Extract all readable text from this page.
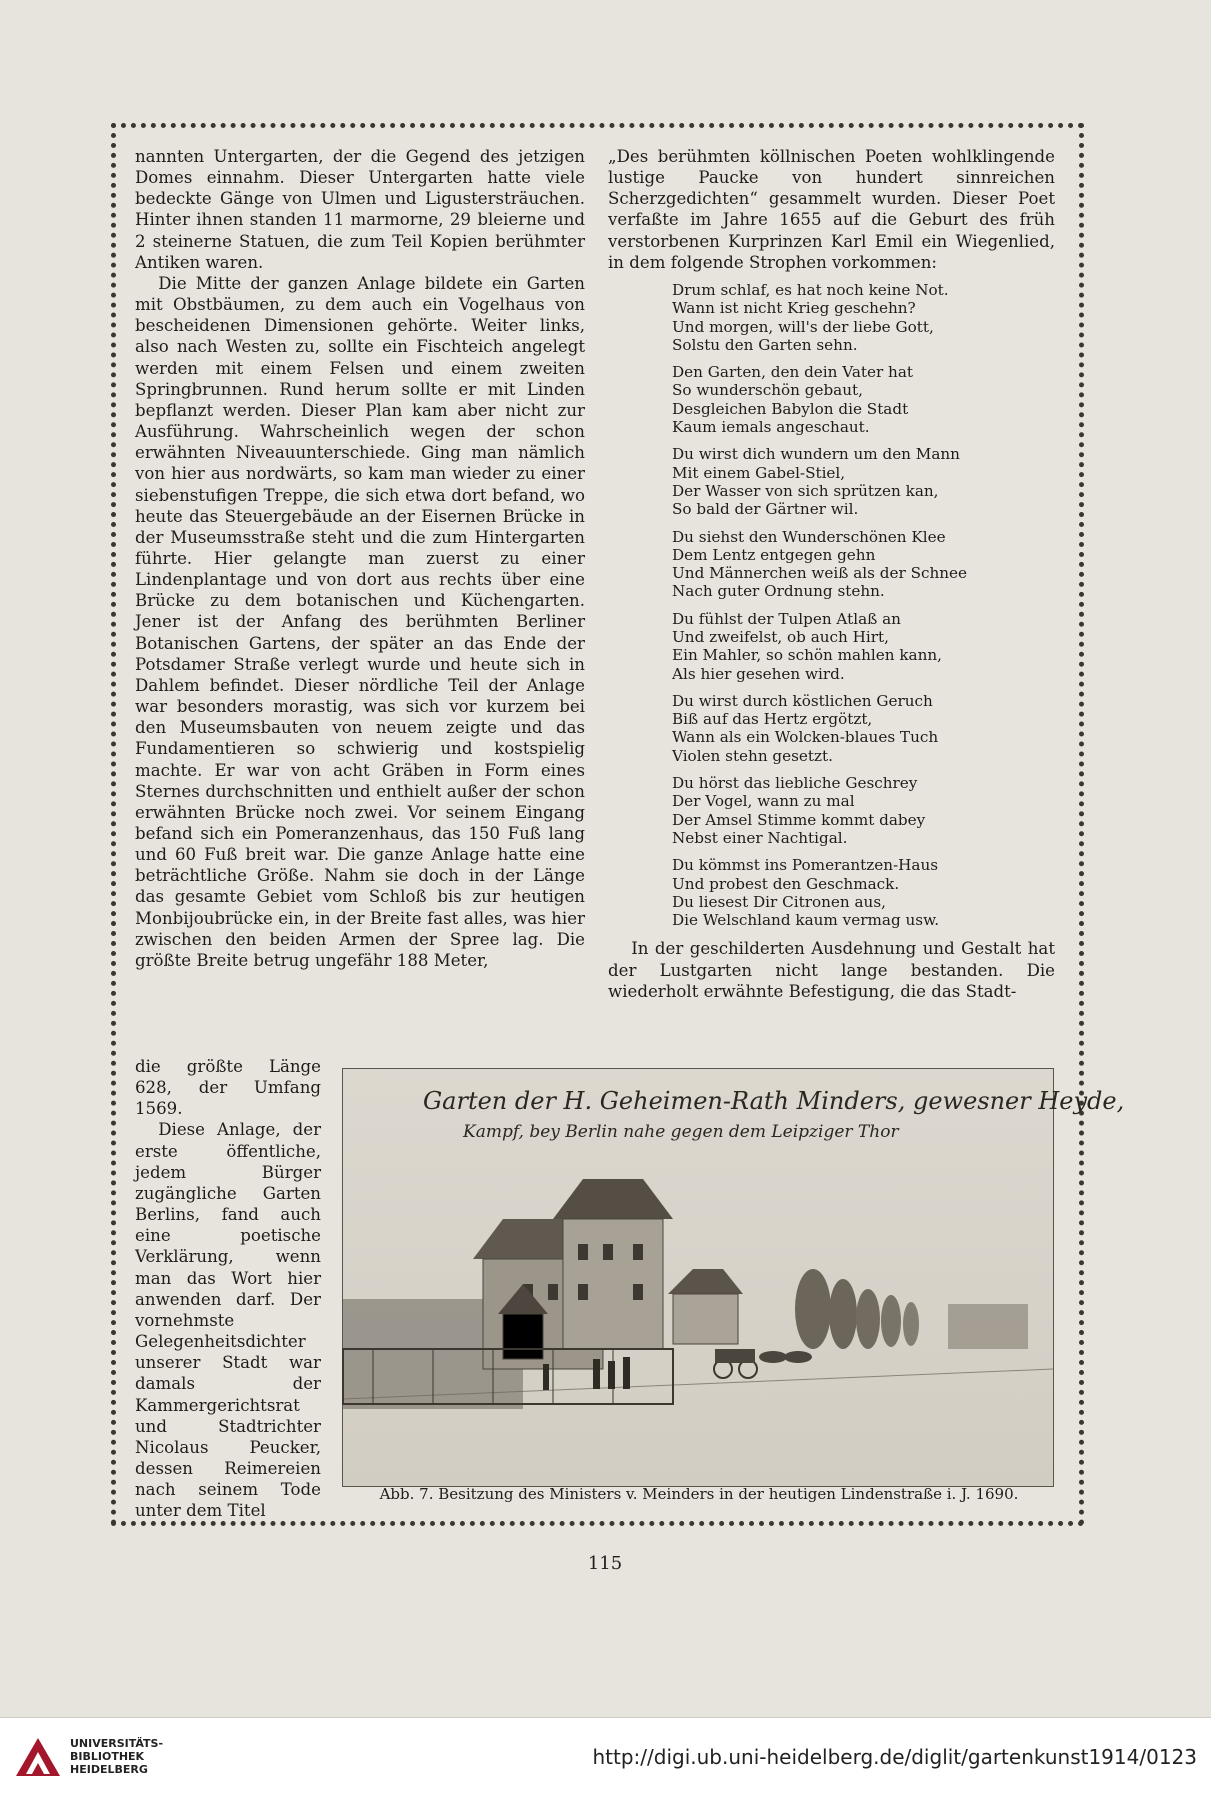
nannten Untergarten, der die Gegend des jetzigen Domes einnahm. Dieser Untergarten hatte viele bedeckte Gänge von Ulmen und Ligustersträuchen. Hinter ihnen standen 11 marmorne, 29 bleierne und 2 steinerne Statuen, die zum Teil Kopien berühmter Antiken waren.

Die Mitte der ganzen Anlage bildete ein Garten mit Obstbäumen, zu dem auch ein Vogelhaus von bescheidenen Dimensionen gehörte. Weiter links, also nach Westen zu, sollte ein Fischteich angelegt werden mit einem Felsen und einem zweiten Springbrunnen. Rund herum sollte er mit Linden bepflanzt werden. Dieser Plan kam aber nicht zur Ausführung. Wahrscheinlich wegen der schon erwähnten Niveauunterschiede. Ging man nämlich von hier aus nordwärts, so kam man wieder zu einer siebenstufigen Treppe, die sich etwa dort befand, wo heute das Steuergebäude an der Eisernen Brücke in der Museumsstraße steht und die zum Hintergarten führte. Hier gelangte man zuerst zu einer Lindenplantage und von dort aus rechts über eine Brücke zu dem botanischen und Küchengarten. Jener ist der Anfang des berühmten Berliner Botanischen Gartens, der später an das Ende der Potsdamer Straße verlegt wurde und heute sich in Dahlem befindet. Dieser nördliche Teil der Anlage war besonders morastig, was sich vor kurzem bei den Museumsbauten von neuem zeigte und das Fundamentieren so schwierig und kostspielig machte. Er war von acht Gräben in Form eines Sternes durchschnitten und enthielt außer der schon erwähnten Brücke noch zwei. Vor seinem Eingang befand sich ein Pomeranzenhaus, das 150 Fuß lang und 60 Fuß breit war. Die ganze Anlage hatte eine beträchtliche Größe. Nahm sie doch in der Länge das gesamte Gebiet vom Schloß bis zur heutigen Monbijoubrücke ein, in der Breite fast alles, was hier zwischen den beiden Armen der Spree lag. Die größte Breite betrug ungefähr 188 Meter,

die größte Länge 628, der Umfang 1569.

Diese Anlage, der erste öffentliche, jedem Bürger zugängliche Garten Berlins, fand auch eine poetische Verklärung, wenn man das Wort hier anwenden darf. Der vornehmste Gelegenheitsdichter unserer Stadt war damals der Kammergerichtsrat und Stadtrichter Nicolaus Peucker, dessen Reimereien nach seinem Tode unter dem Titel

„Des berühmten köllnischen Poeten wohlklingende lustige Paucke von hundert sinnreichen Scherzgedichten“ gesammelt wurden. Dieser Poet verfaßte im Jahre 1655 auf die Geburt des früh verstorbenen Kurprinzen Karl Emil ein Wiegenlied, in dem folgende Strophen vorkommen:

Drum schlaf, es hat noch keine Not.
Wann ist nicht Krieg geschehn?
Und morgen, will's der liebe Gott,
Solstu den Garten sehn.
Den Garten, den dein Vater hat
So wunderschön gebaut,
Desgleichen Babylon die Stadt
Kaum iemals angeschaut.
Du wirst dich wundern um den Mann
Mit einem Gabel-Stiel,
Der Wasser von sich sprützen kan,
So bald der Gärtner wil.
Du siehst den Wunderschönen Klee
Dem Lentz entgegen gehn
Und Männerchen weiß als der Schnee
Nach guter Ordnung stehn.
Du fühlst der Tulpen Atlaß an
Und zweifelst, ob auch Hirt,
Ein Mahler, so schön mahlen kann,
Als hier gesehen wird.
Du wirst durch köstlichen Geruch
Biß auf das Hertz ergötzt,
Wann als ein Wolcken-blaues Tuch
Violen stehn gesetzt.
Du hörst das liebliche Geschrey
Der Vogel, wann zu mal
Der Amsel Stimme kommt dabey
Nebst einer Nachtigal.
Du kömmst ins Pomerantzen-Haus
Und probest den Geschmack.
Du liesest Dir Citronen aus,
Die Welschland kaum vermag usw.

In der geschilderten Ausdehnung und Gestalt hat der Lustgarten nicht lange bestanden. Die wiederholt erwähnte Befestigung, die das Stadt-

Garten der H. Geheimen-Rath Minders, gewesner Heyde,
Kampf, bey Berlin nahe gegen dem Leipziger Thor
Abb. 7. Besitzung des Ministers v. Meinders in der heutigen Lindenstraße i. J. 1690.
115
UNIVERSITÄTS-
BIBLIOTHEK
HEIDELBERG
http://digi.ub.uni-heidelberg.de/diglit/gartenkunst1914/0123
